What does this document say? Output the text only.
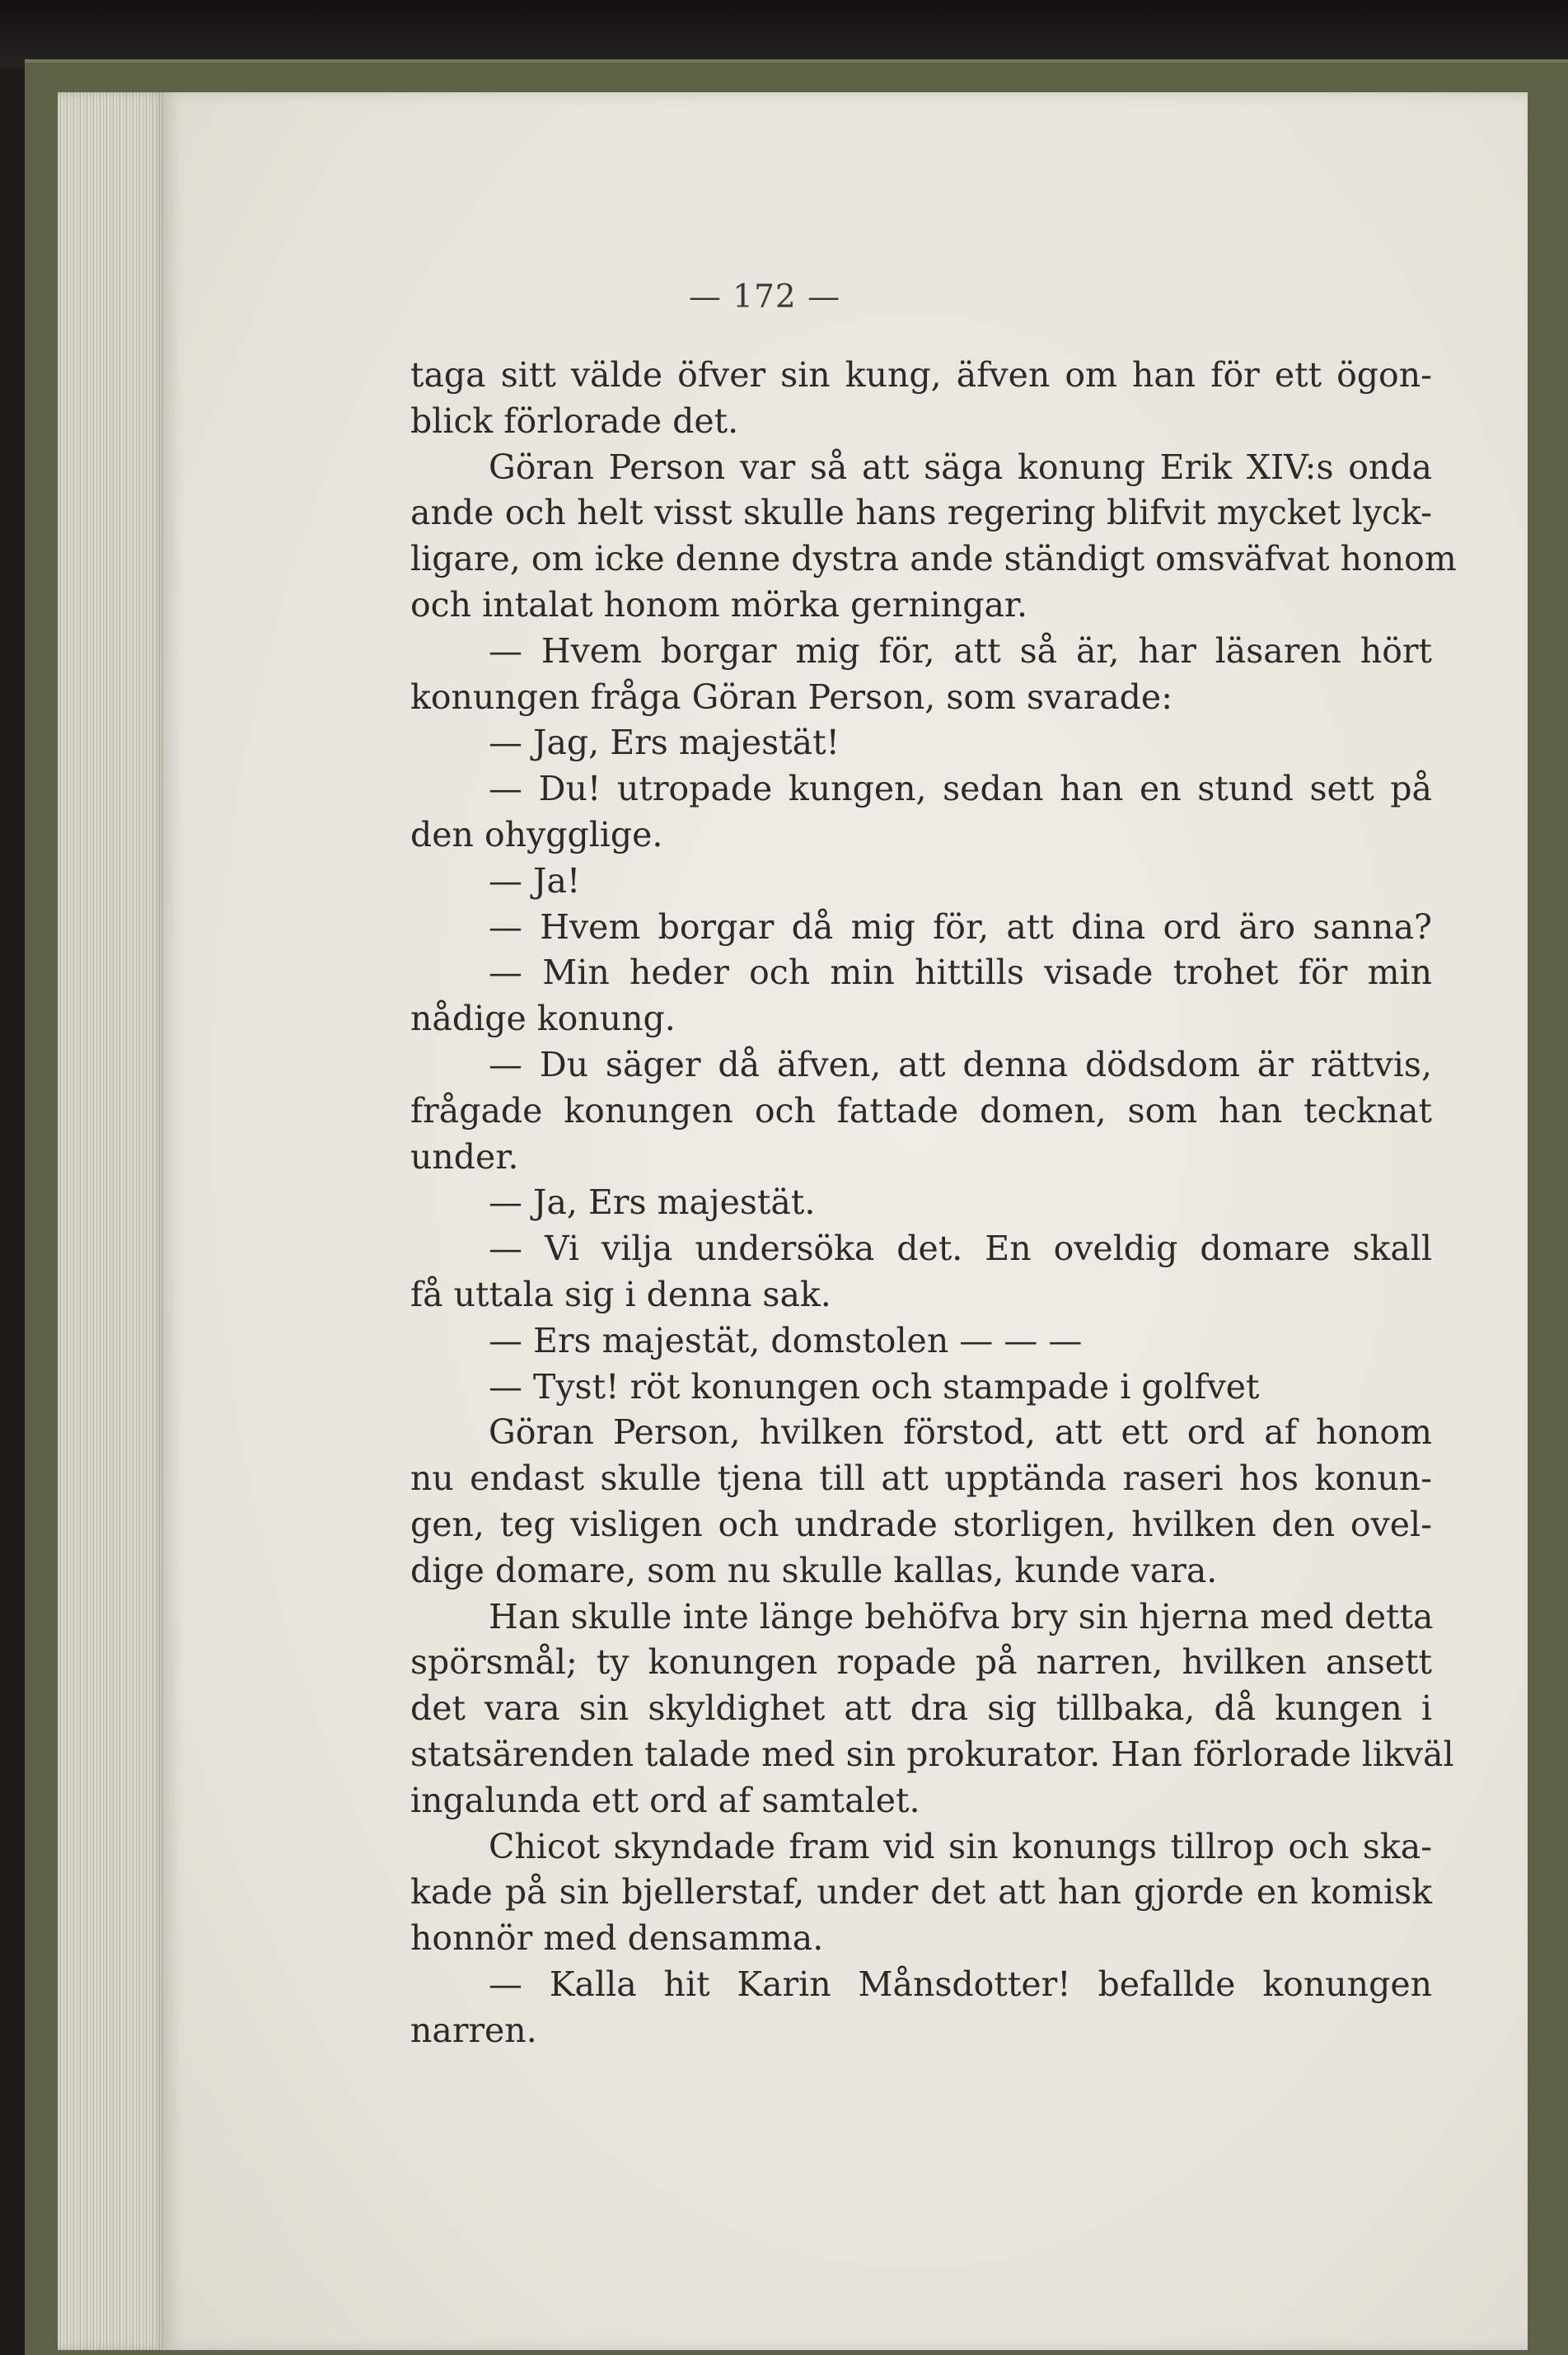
— 172 —
taga sitt välde öfver sin kung, äfven om han för ett ögon-
blick förlorade det.
Göran Person var så att säga konung Erik XIV:s onda
ande och helt visst skulle hans regering blifvit mycket lyck-
ligare, om icke denne dystra ande ständigt omsväfvat honom
och intalat honom mörka gerningar.
— Hvem borgar mig för, att så är, har läsaren hört
konungen fråga Göran Person, som svarade:
— Jag, Ers majestät!
— Du! utropade kungen, sedan han en stund sett på
den ohygglige.
— Ja!
— Hvem borgar då mig för, att dina ord äro sanna?
— Min heder och min hittills visade trohet för min
nådige konung.
— Du säger då äfven, att denna dödsdom är rättvis,
frågade konungen och fattade domen, som han tecknat
under.
— Ja, Ers majestät.
— Vi vilja undersöka det. En oveldig domare skall
få uttala sig i denna sak.
— Ers majestät, domstolen — — —
— Tyst! röt konungen och stampade i golfvet
Göran Person, hvilken förstod, att ett ord af honom
nu endast skulle tjena till att upptända raseri hos konun-
gen, teg visligen och undrade storligen, hvilken den ovel-
dige domare, som nu skulle kallas, kunde vara.
Han skulle inte länge behöfva bry sin hjerna med detta
spörsmål; ty konungen ropade på narren, hvilken ansett
det vara sin skyldighet att dra sig tillbaka, då kungen i
statsärenden talade med sin prokurator. Han förlorade likväl
ingalunda ett ord af samtalet.
Chicot skyndade fram vid sin konungs tillrop och ska-
kade på sin bjellerstaf, under det att han gjorde en komisk
honnör med densamma.
— Kalla hit Karin Månsdotter! befallde konungen
narren.
